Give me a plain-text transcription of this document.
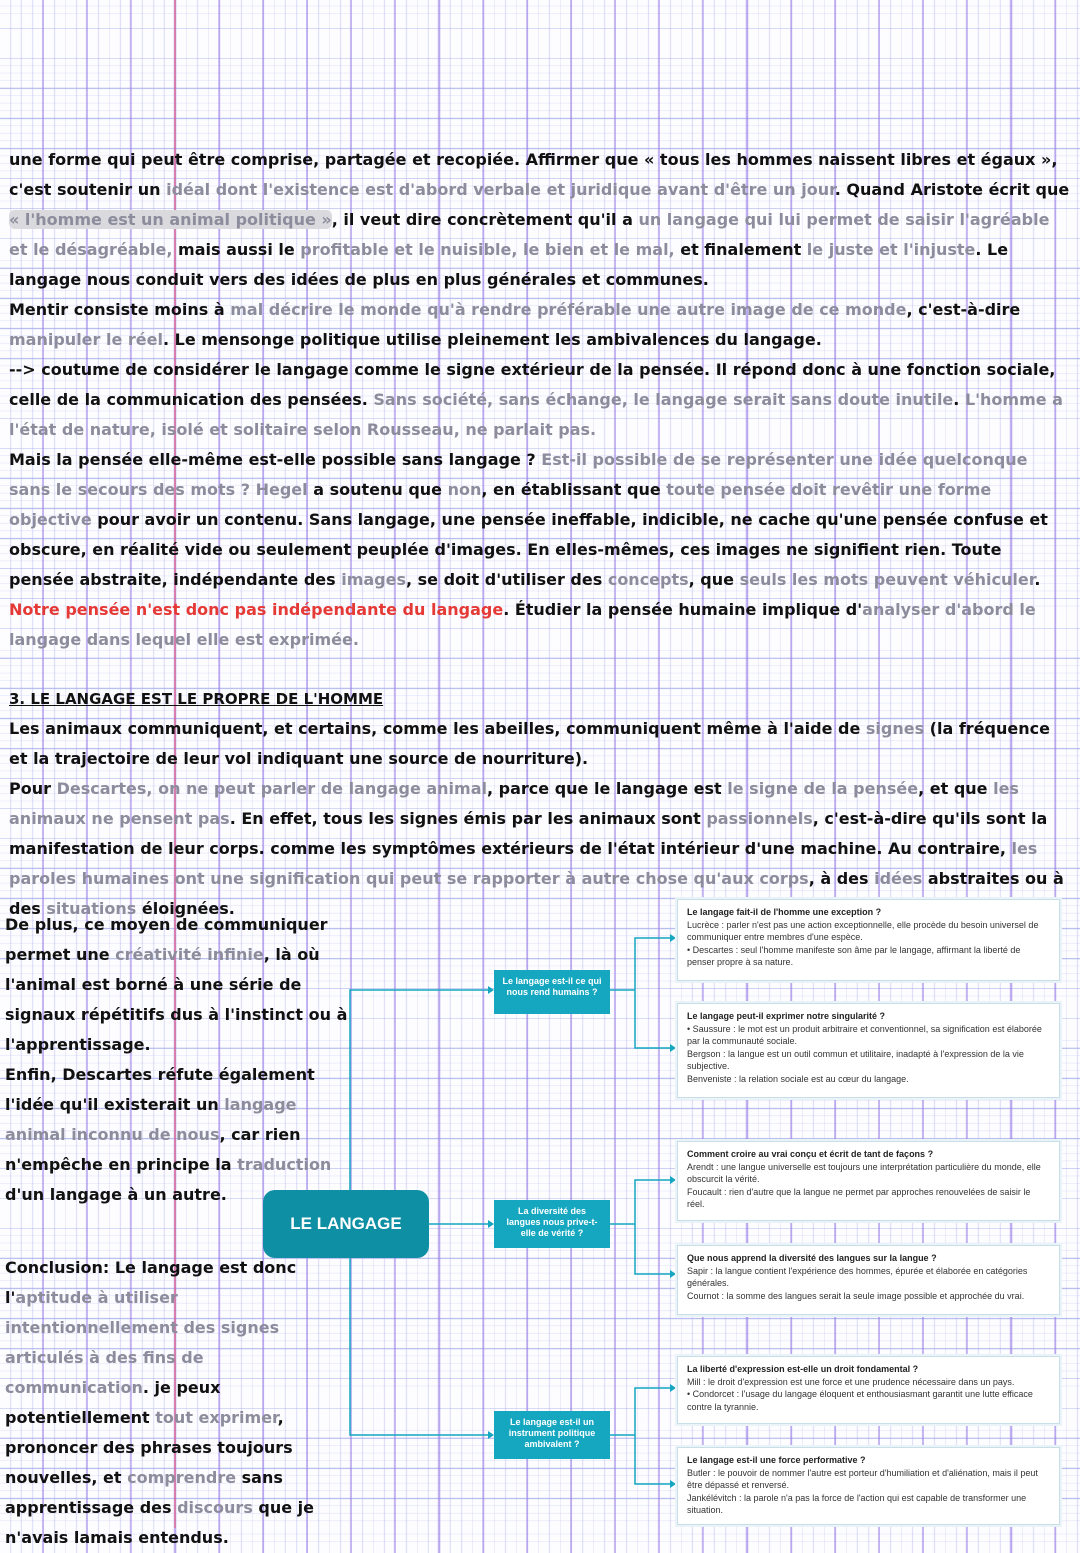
une forme qui peut être comprise, partagée et recopiée. Affirmer que « tous les hommes naissent libres et égaux », c'est soutenir un idéal dont l'existence est d'abord verbale et juridique avant d'être un jour. Quand Aristote écrit que « l'homme est un animal politique », il veut dire concrètement qu'il a un langage qui lui permet de saisir l'agréable et le désagréable, mais aussi le profitable et le nuisible, le bien et le mal, et finalement le juste et l'injuste. Le langage nous conduit vers des idées de plus en plus générales et communes.
Mentir consiste moins à mal décrire le monde qu'à rendre préférable une autre image de ce monde, c'est-à-dire manipuler le réel. Le mensonge politique utilise pleinement les ambivalences du langage.
--> coutume de considérer le langage comme le signe extérieur de la pensée. Il répond donc à une fonction sociale, celle de la communication des pensées. Sans société, sans échange, le langage serait sans doute inutile. L'homme a l'état de nature, isolé et solitaire selon Rousseau, ne parlait pas.
Mais la pensée elle-même est-elle possible sans langage ? Est-il possible de se représenter une idée quelconque sans le secours des mots ? Hegel a soutenu que non, en établissant que toute pensée doit revêtir une forme objective pour avoir un contenu. Sans langage, une pensée ineffable, indicible, ne cache qu'une pensée confuse et obscure, en réalité vide ou seulement peuplée d'images. En elles-mêmes, ces images ne signifient rien. Toute pensée abstraite, indépendante des images, se doit d'utiliser des concepts, que seuls les mots peuvent véhiculer.
Notre pensée n'est donc pas indépendante du langage. Étudier la pensée humaine implique d'analyser d'abord le langage dans lequel elle est exprimée.
3. LE LANGAGE EST LE PROPRE DE L'HOMME
Les animaux communiquent, et certains, comme les abeilles, communiquent même à l'aide de signes (la fréquence et la trajectoire de leur vol indiquant une source de nourriture).
Pour Descartes, on ne peut parler de langage animal, parce que le langage est le signe de la pensée, et que les animaux ne pensent pas. En effet, tous les signes émis par les animaux sont passionnels, c'est-à-dire qu'ils sont la manifestation de leur corps. comme les symptômes extérieurs de l'état intérieur d'une machine. Au contraire, les paroles humaines ont une signification qui peut se rapporter à autre chose qu'aux corps, à des idées abstraites ou à des situations éloignées.
De plus, ce moyen de communiquer permet une créativité infinie, là où l'animal est borné à une série de signaux répétitifs dus à l'instinct ou à l'apprentissage.
Enfin, Descartes réfute également l'idée qu'il existerait un langage animal inconnu de nous, car rien n'empêche en principe la traduction d'un langage à un autre.
Conclusion: Le langage est donc l'aptitude à utiliser intentionnellement des signes articulés à des fins de communication. je peux potentiellement tout exprimer, prononcer des phrases toujours nouvelles, et comprendre sans apprentissage des discours que je n'avais lamais entendus.
LE LANGAGE
Le langage est-il ce qui nous rend humains ?
La diversité des langues nous prive-t-elle de vérité ?
Le langage est-il un instrument politique ambivalent ?
Le langage fait-il de l'homme une exception ?
Lucrèce : parler n'est pas une action exceptionnelle, elle procède du besoin universel de communiquer entre membres d'une espèce.
• Descartes : seul l'homme manifeste son âme par le langage, affirmant la liberté de penser propre à sa nature.
Le langage peut-il exprimer notre singularité ?
• Saussure : le mot est un produit arbitraire et conventionnel, sa signification est élaborée par la communauté sociale.
Bergson : la langue est un outil commun et utilitaire, inadapté à l'expression de la vie subjective.
Benveniste : la relation sociale est au cœur du langage.
Comment croire au vrai conçu et écrit de tant de façons ?
Arendt : une langue universelle est toujours une interprétation particulière du monde, elle obscurcit la vérité.
Foucault : rien d'autre que la langue ne permet par approches renouvelées de saisir le réel.
Que nous apprend la diversité des langues sur la langue ?
Sapir : la langue contient l'expérience des hommes, épurée et élaborée en catégories générales.
Cournot : la somme des langues serait la seule image possible et approchée du vrai.
La liberté d'expression est-elle un droit fondamental ?
Mill : le droit d'expression est une force et une prudence nécessaire dans un pays.
• Condorcet : l'usage du langage éloquent et enthousiasmant garantit une lutte efficace contre la tyrannie.
Le langage est-il une force performative ?
Butler : le pouvoir de nommer l'autre est porteur d'humiliation et d'aliénation, mais il peut être dépassé et renversé.
Jankélévitch : la parole n'a pas la force de l'action qui est capable de transformer une situation.
